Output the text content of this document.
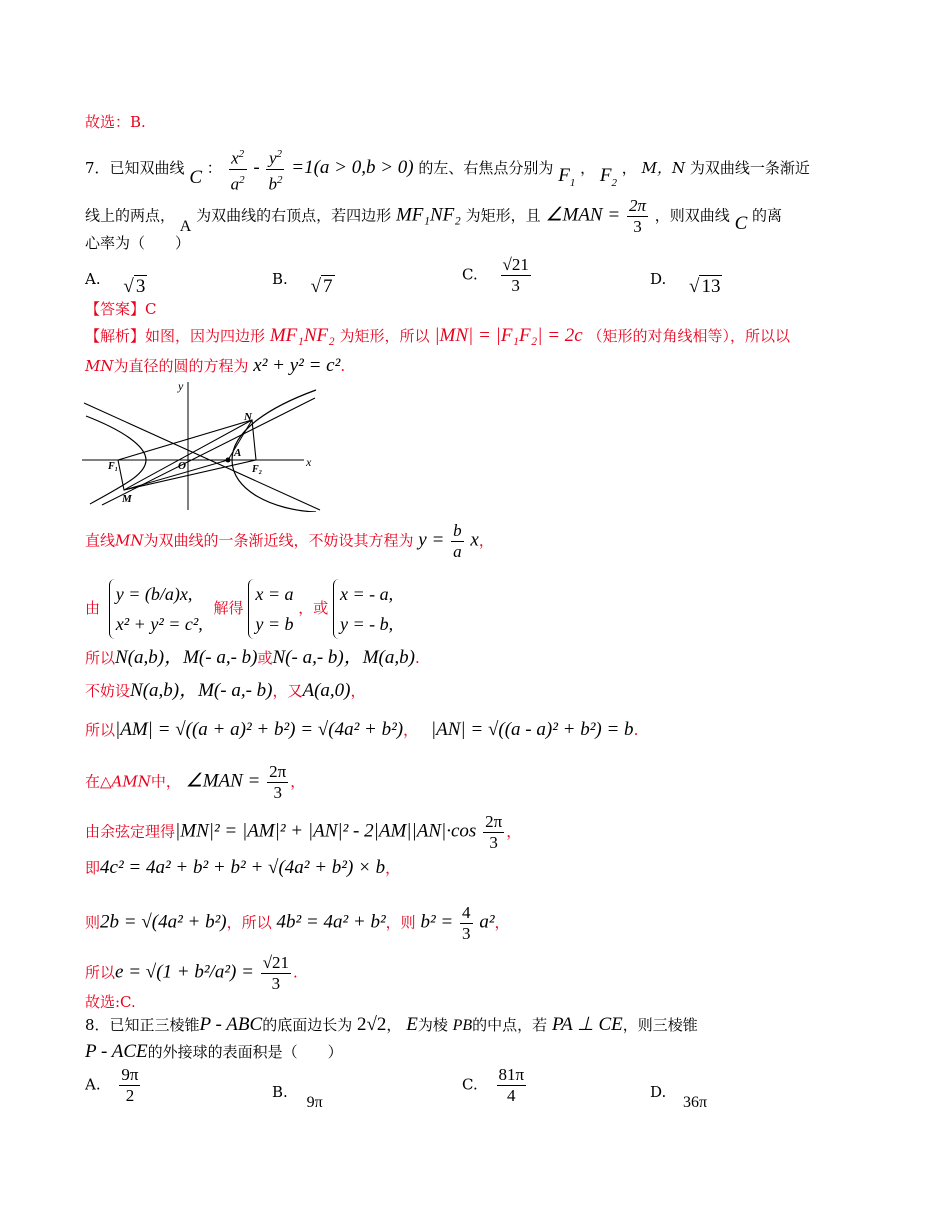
故选：B.
7．已知双曲线 C ： $\frac{x^2}{a^2} - \frac{y^2}{b^2} =1(a > 0,b > 0)$ 的左、右焦点分别为 $F_1$ ， $F_2$ ， M，N 为双曲线一条渐近
线上的两点， A 为双曲线的右顶点，若四边形 MF₁NF₂ 为矩形，且 ∠MAN = $\frac{2\pi}{3}$ ，则双曲线 C 的离
心率为（　　）
A. √ 3	B. √ 7
C. $\frac{√21}{3}$	D. √ 13
【答案】C
【解析】如图，因为四边形 MF₁NF₂ 为矩形，所以 |MN| = |F₁F₂| = 2c （矩形的对角线相等），所以以
MN为直径的圆的方程为 x² + y² = c².
y
x
N
A
O
F₁	F₂
M
直线MN为双曲线的一条渐近线，不妨设其方程为 $y = \frac{b}{a}$ x，
由
y = (b/a)x,
x² + y² = c²,
解得
x = a
y = b
，或
x = - a,
y = - b,
所以N(a,b)，M(- a,- b)或N(- a,- b)，M(a,b).
不妨设N(a,b)，M(- a,- b)，又A(a,0)，
所以|AM| = √((a + a)² + b²) = √(4a² + b²)， |AN| = √((a - a)² + b²) = b.
在△AMN中， ∠MAN = $\frac{2\pi}{3}$ ，
由余弦定理得$|MN|^2 = |AM|^2 + |AN|^2 - 2|AM||AN|\cdot\cos \frac{2\pi}{3}$ ，
即4c² = 4a² + b² + b² + √(4a² + b²) × b，
则2b = √(4a² + b²)，所以 4b² = 4a² + b²，则 $b^2 = \frac{4}{3} a^2$，
所以$e = √(1 + b^2/a^2) = \frac{√21}{3}$ .
故选:C.
8．已知正三棱锥P - ABC的底面边长为 2√2， E为棱 PB的中点，若 PA ⊥ CE，则三棱锥
P - ACE的外接球的表面积是（　　）
A. $\frac{9\pi}{2}$	B. 9π
C. $\frac{81\pi}{4}$	D. 36π
